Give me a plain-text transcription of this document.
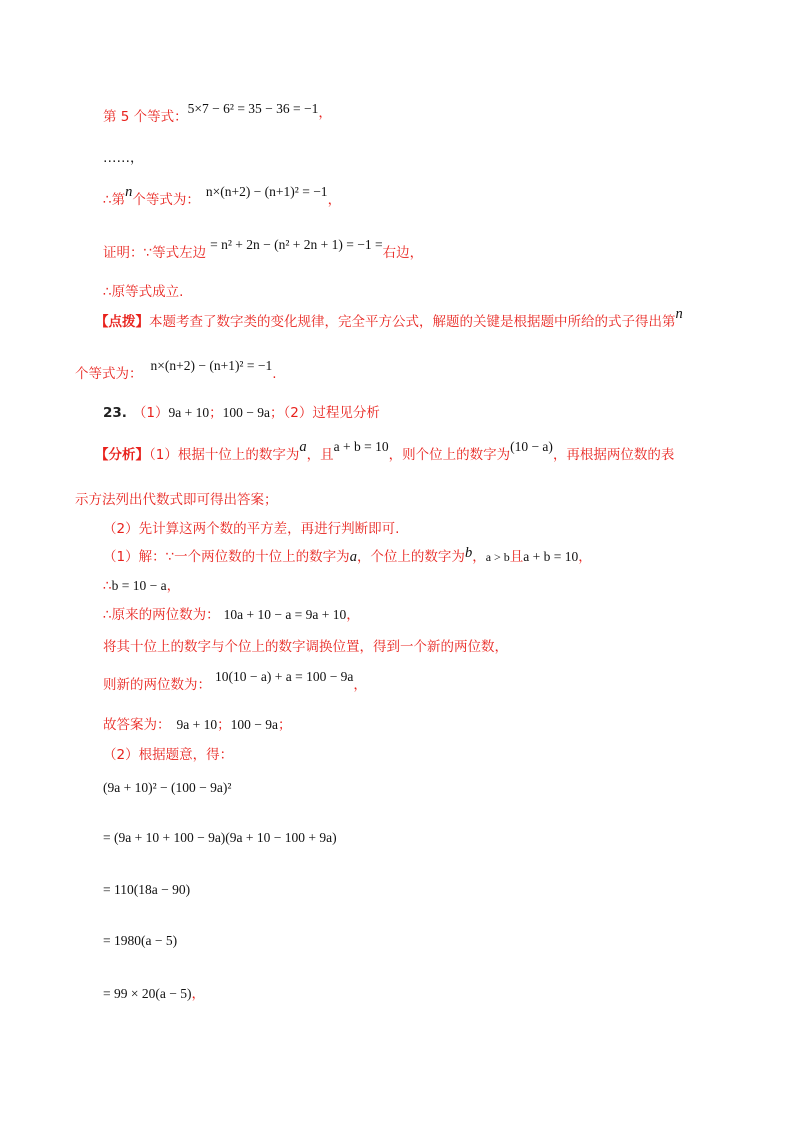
第 5 个等式：5×7 − 6² = 35 − 36 = −1，
……，
∴第n个等式为：n×(n+2) − (n+1)² = −1，
证明：∵等式左边= n² + 2n − (n² + 2n + 1) = −1 =右边，
∴原等式成立.
【点拨】本题考查了数字类的变化规律，完全平方公式，解题的关键是根据题中所给的式子得出第n
个等式为：n×(n+2) − (n+1)² = −1.
23. （1）9a + 10；100 − 9a；（2）过程见分析
【分析】（1）根据十位上的数字为a，且a + b = 10，则个位上的数字为(10 − a)，再根据两位数的表
示方法列出代数式即可得出答案；
（2）先计算这两个数的平方差，再进行判断即可.
（1）解：∵一个两位数的十位上的数字为a，个位上的数字为b，a > b且a + b = 10，
∴b = 10 − a，
∴原来的两位数为： 10a + 10 − a = 9a + 10，
将其十位上的数字与个位上的数字调换位置，得到一个新的两位数，
则新的两位数为：10(10 − a) + a = 100 − 9a，
故答案为： 9a + 10；100 − 9a；
（2）根据题意，得：
(9a + 10)² − (100 − 9a)²
= (9a + 10 + 100 − 9a)(9a + 10 − 100 + 9a)
= 110(18a − 90)
= 1980(a − 5)
= 99 × 20(a − 5)，
